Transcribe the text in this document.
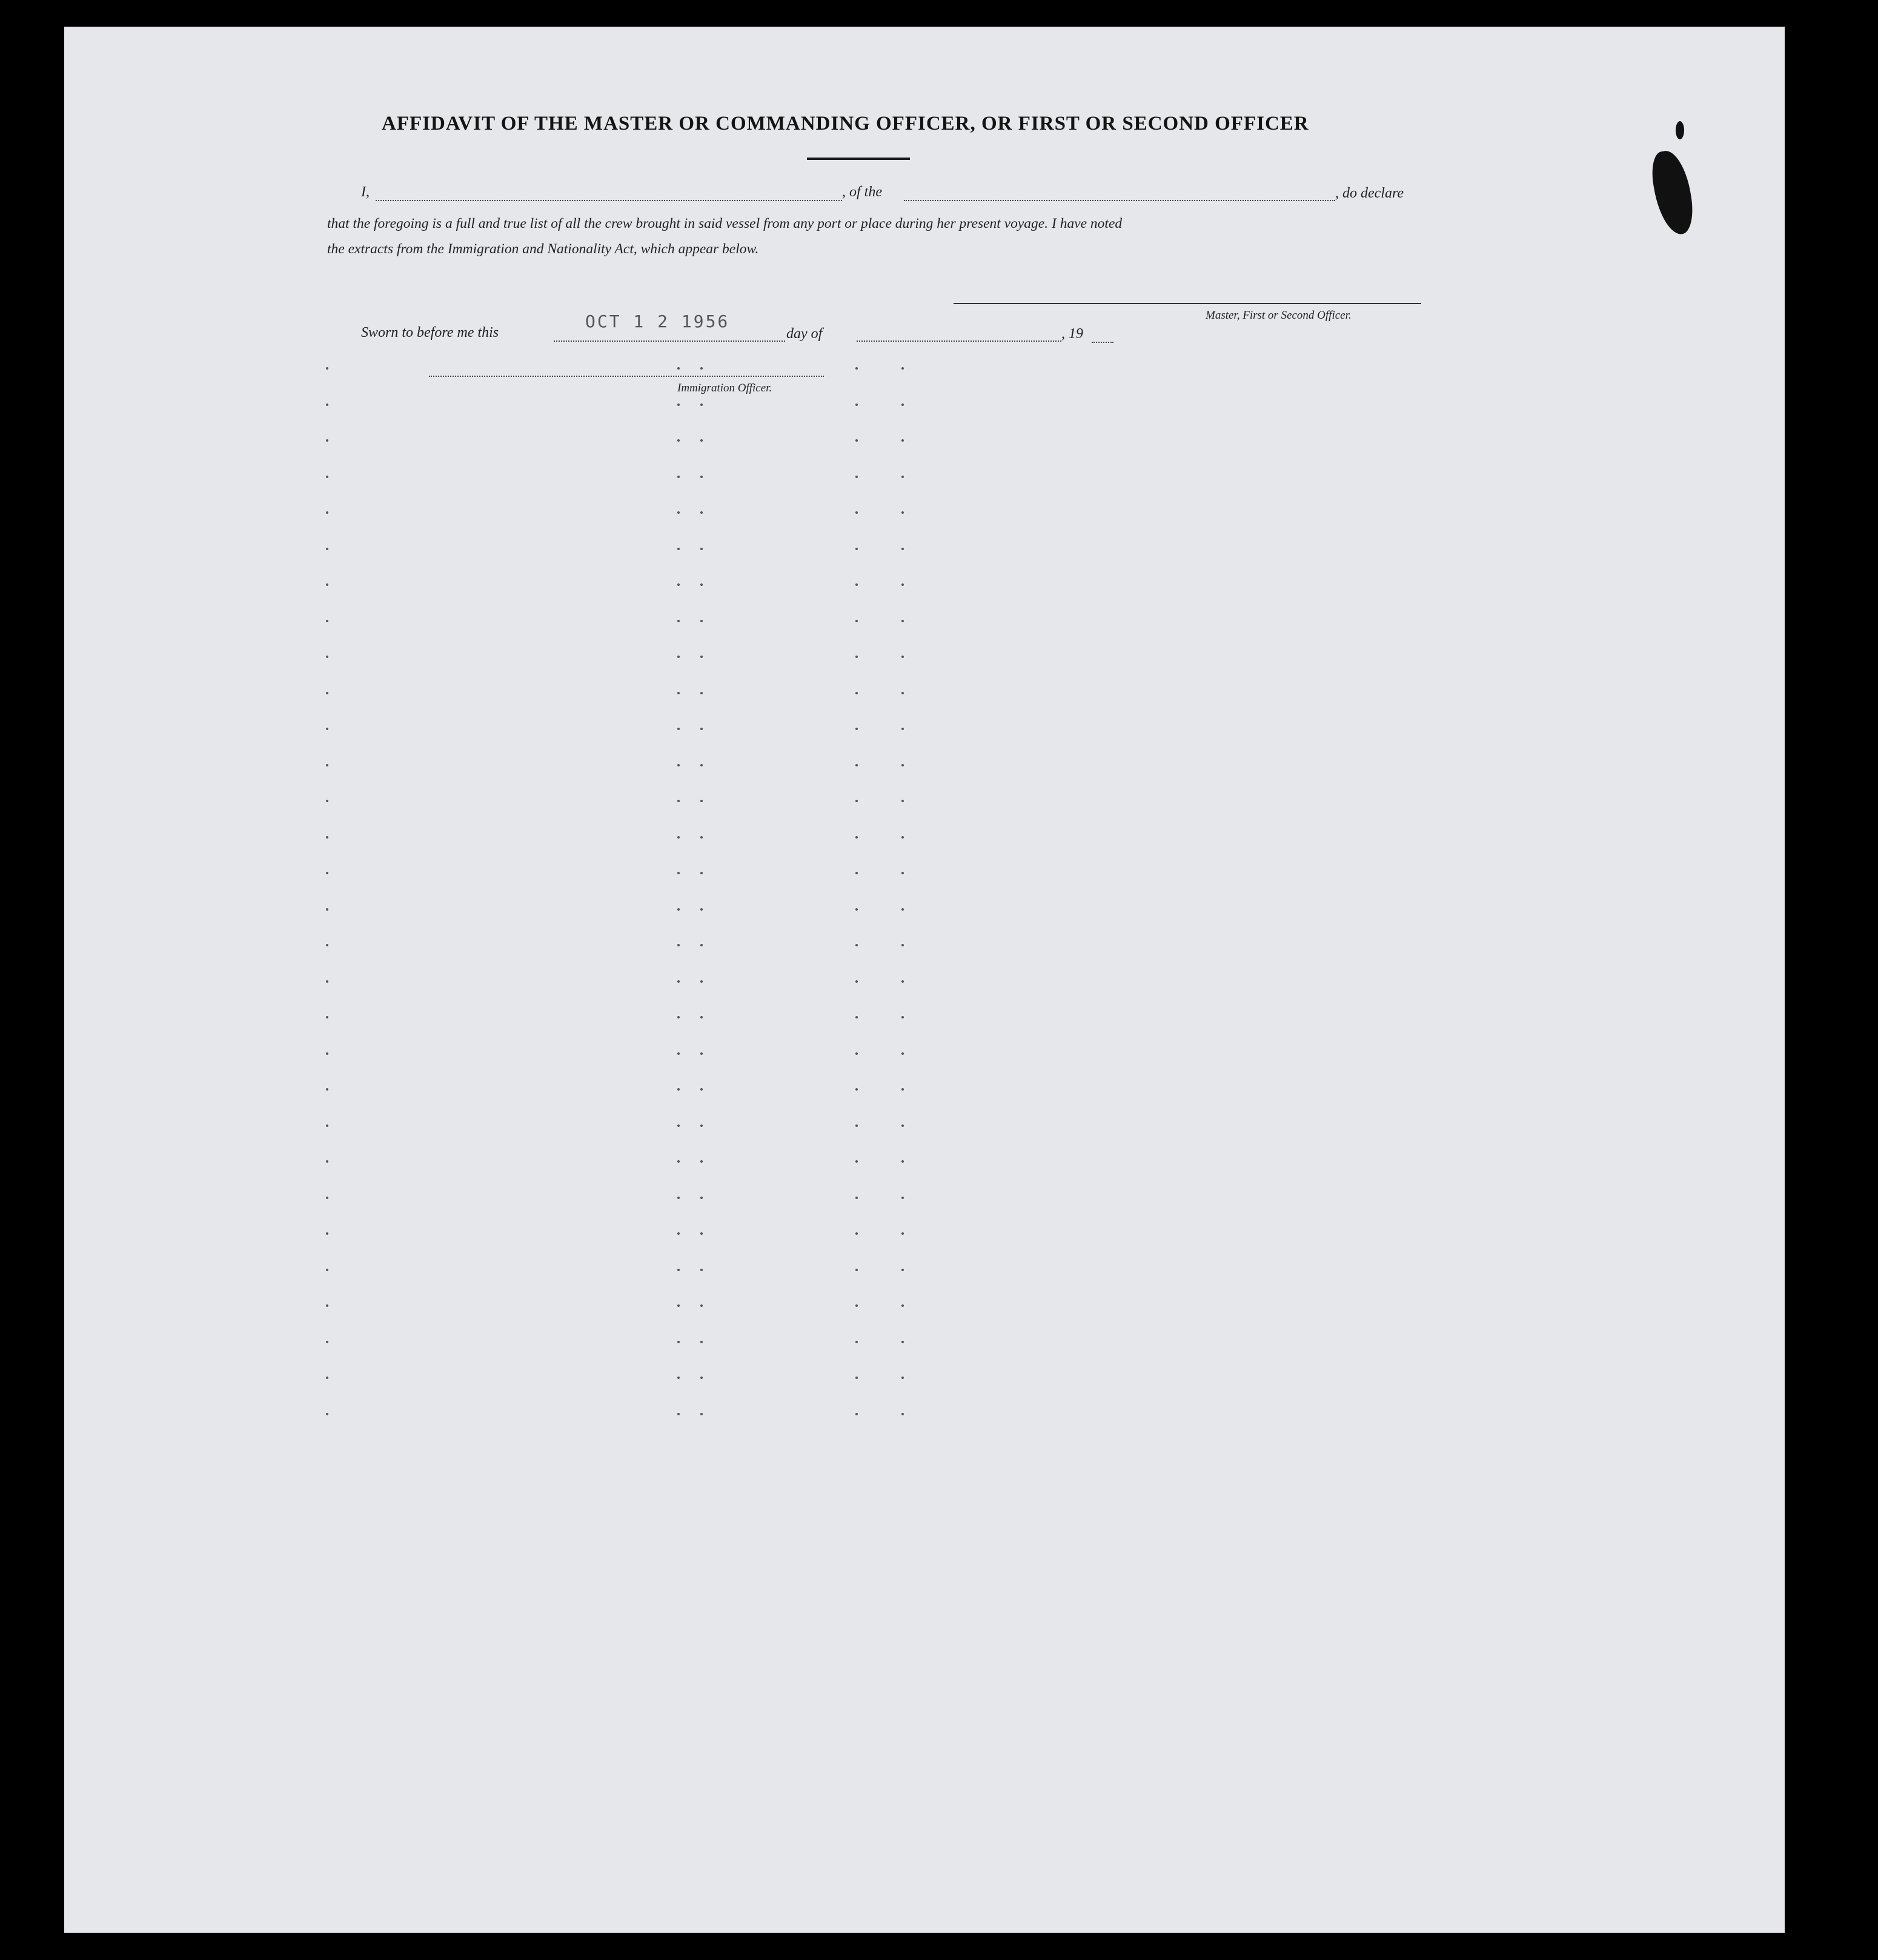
AFFIDAVIT OF THE MASTER OR COMMANDING OFFICER, OR FIRST OR SECOND OFFICER
I,	, of the	, do declare
that the foregoing is a full and true list of all the crew brought in said vessel from any port or place during her present voyage. I have noted
the extracts from the Immigration and Nationality Act, which appear below.
Master, First or Second Officer.
Sworn to before me this
OCT 1 2 1956
day of	, 19
Immigration Officer.
